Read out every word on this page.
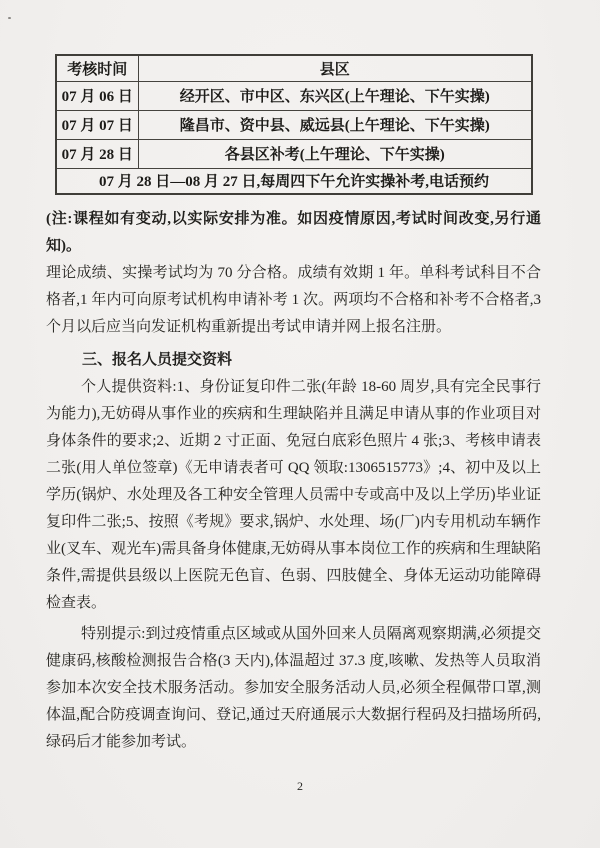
考核时间	县区
07 月 06 日	经开区、市中区、东兴区(上午理论、下午实操)
07 月 07 日	隆昌市、资中县、威远县(上午理论、下午实操)
07 月 28 日	各县区补考(上午理论、下午实操)
07 月 28 日—08 月 27 日,每周四下午允许实操补考,电话预约	

(注:课程如有变动,以实际安排为准。如因疫情原因,考试时间改变,另行通知)。

理论成绩、实操考试均为 70 分合格。成绩有效期 1 年。单科考试科目不合格者,1 年内可向原考试机构申请补考 1 次。两项均不合格和补考不合格者,3 个月以后应当向发证机构重新提出考试申请并网上报名注册。

三、报名人员提交资料

个人提供资料:1、身份证复印件二张(年龄 18-60 周岁,具有完全民事行为能力),无妨碍从事作业的疾病和生理缺陷并且满足申请从事的作业项目对身体条件的要求;2、近期 2 寸正面、免冠白底彩色照片 4 张;3、考核申请表二张(用人单位签章)《无申请表者可 QQ 领取:1306515773》;4、初中及以上学历(锅炉、水处理及各工种安全管理人员需中专或高中及以上学历)毕业证复印件二张;5、按照《考规》要求,锅炉、水处理、场(厂)内专用机动车辆作业(叉车、观光车)需具备身体健康,无妨碍从事本岗位工作的疾病和生理缺陷条件,需提供县级以上医院无色盲、色弱、四肢健全、身体无运动功能障碍检查表。

特别提示:到过疫情重点区域或从国外回来人员隔离观察期满,必须提交健康码,核酸检测报告合格(3 天内),体温超过 37.3 度,咳嗽、发热等人员取消参加本次安全技术服务活动。参加安全服务活动人员,必须全程佩带口罩,测体温,配合防疫调查询问、登记,通过天府通展示大数据行程码及扫描场所码,绿码后才能参加考试。

2
